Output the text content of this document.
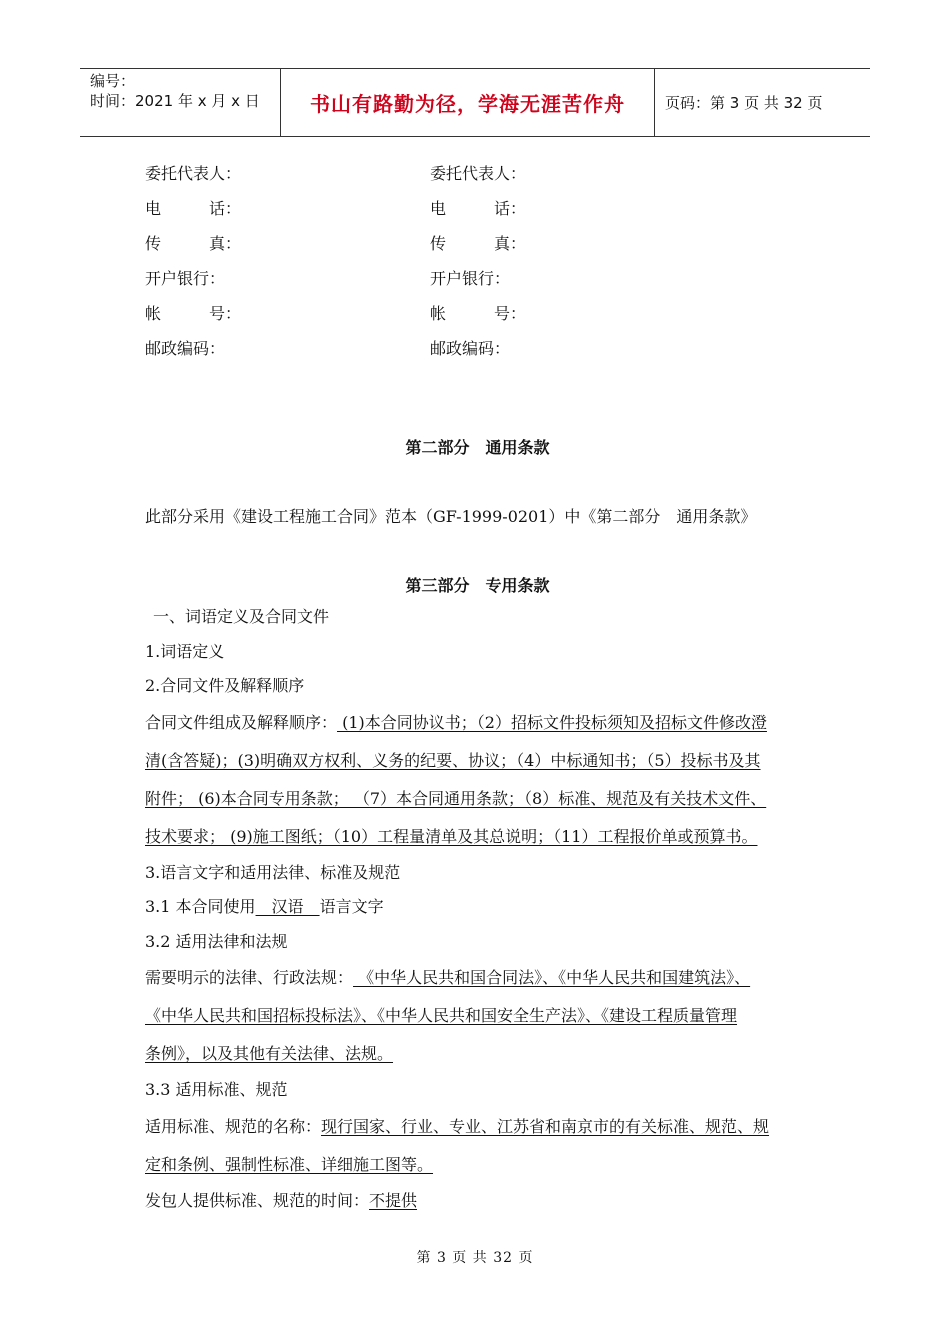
编号：
时间：2021 年 x 月 x 日	书山有路勤为径，学海无涯苦作舟	页码：第 3 页 共 32 页
委托代表人：	委托代表人：
电　　　话：	电　　　话：
传　　　真：	传　　　真：
开户银行：	开户银行：
帐　　　号：	帐　　　号：
邮政编码：	邮政编码：
第二部分　通用条款
此部分采用《建设工程施工合同》范本（GF-1999-0201）中《第二部分　通用条款》
第三部分　专用条款
一、词语定义及合同文件
1.词语定义
2.合同文件及解释顺序
合同文件组成及解释顺序： (1)本合同协议书；（2）招标文件投标须知及招标文件修改澄
清(含答疑)；(3)明确双方权利、义务的纪要、协议；（4）中标通知书；（5）投标书及其
附件； (6)本合同专用条款； （7）本合同通用条款；（8）标准、规范及有关技术文件、
技术要求； (9)施工图纸；（10）工程量清单及其总说明；（11）工程报价单或预算书。
3.语言文字和适用法律、标准及规范
3.1 本合同使用　汉语　语言文字
3.2 适用法律和法规
需要明示的法律、行政法规： 《中华人民共和国合同法》、《中华人民共和国建筑法》、
《中华人民共和国招标投标法》、《中华人民共和国安全生产法》、《建设工程质量管理
条例》，以及其他有关法律、法规。
3.3 适用标准、规范
适用标准、规范的名称：现行国家、行业、专业、江苏省和南京市的有关标准、规范、规
定和条例、强制性标准、详细施工图等。
发包人提供标准、规范的时间：不提供
第 3 页 共 32 页
